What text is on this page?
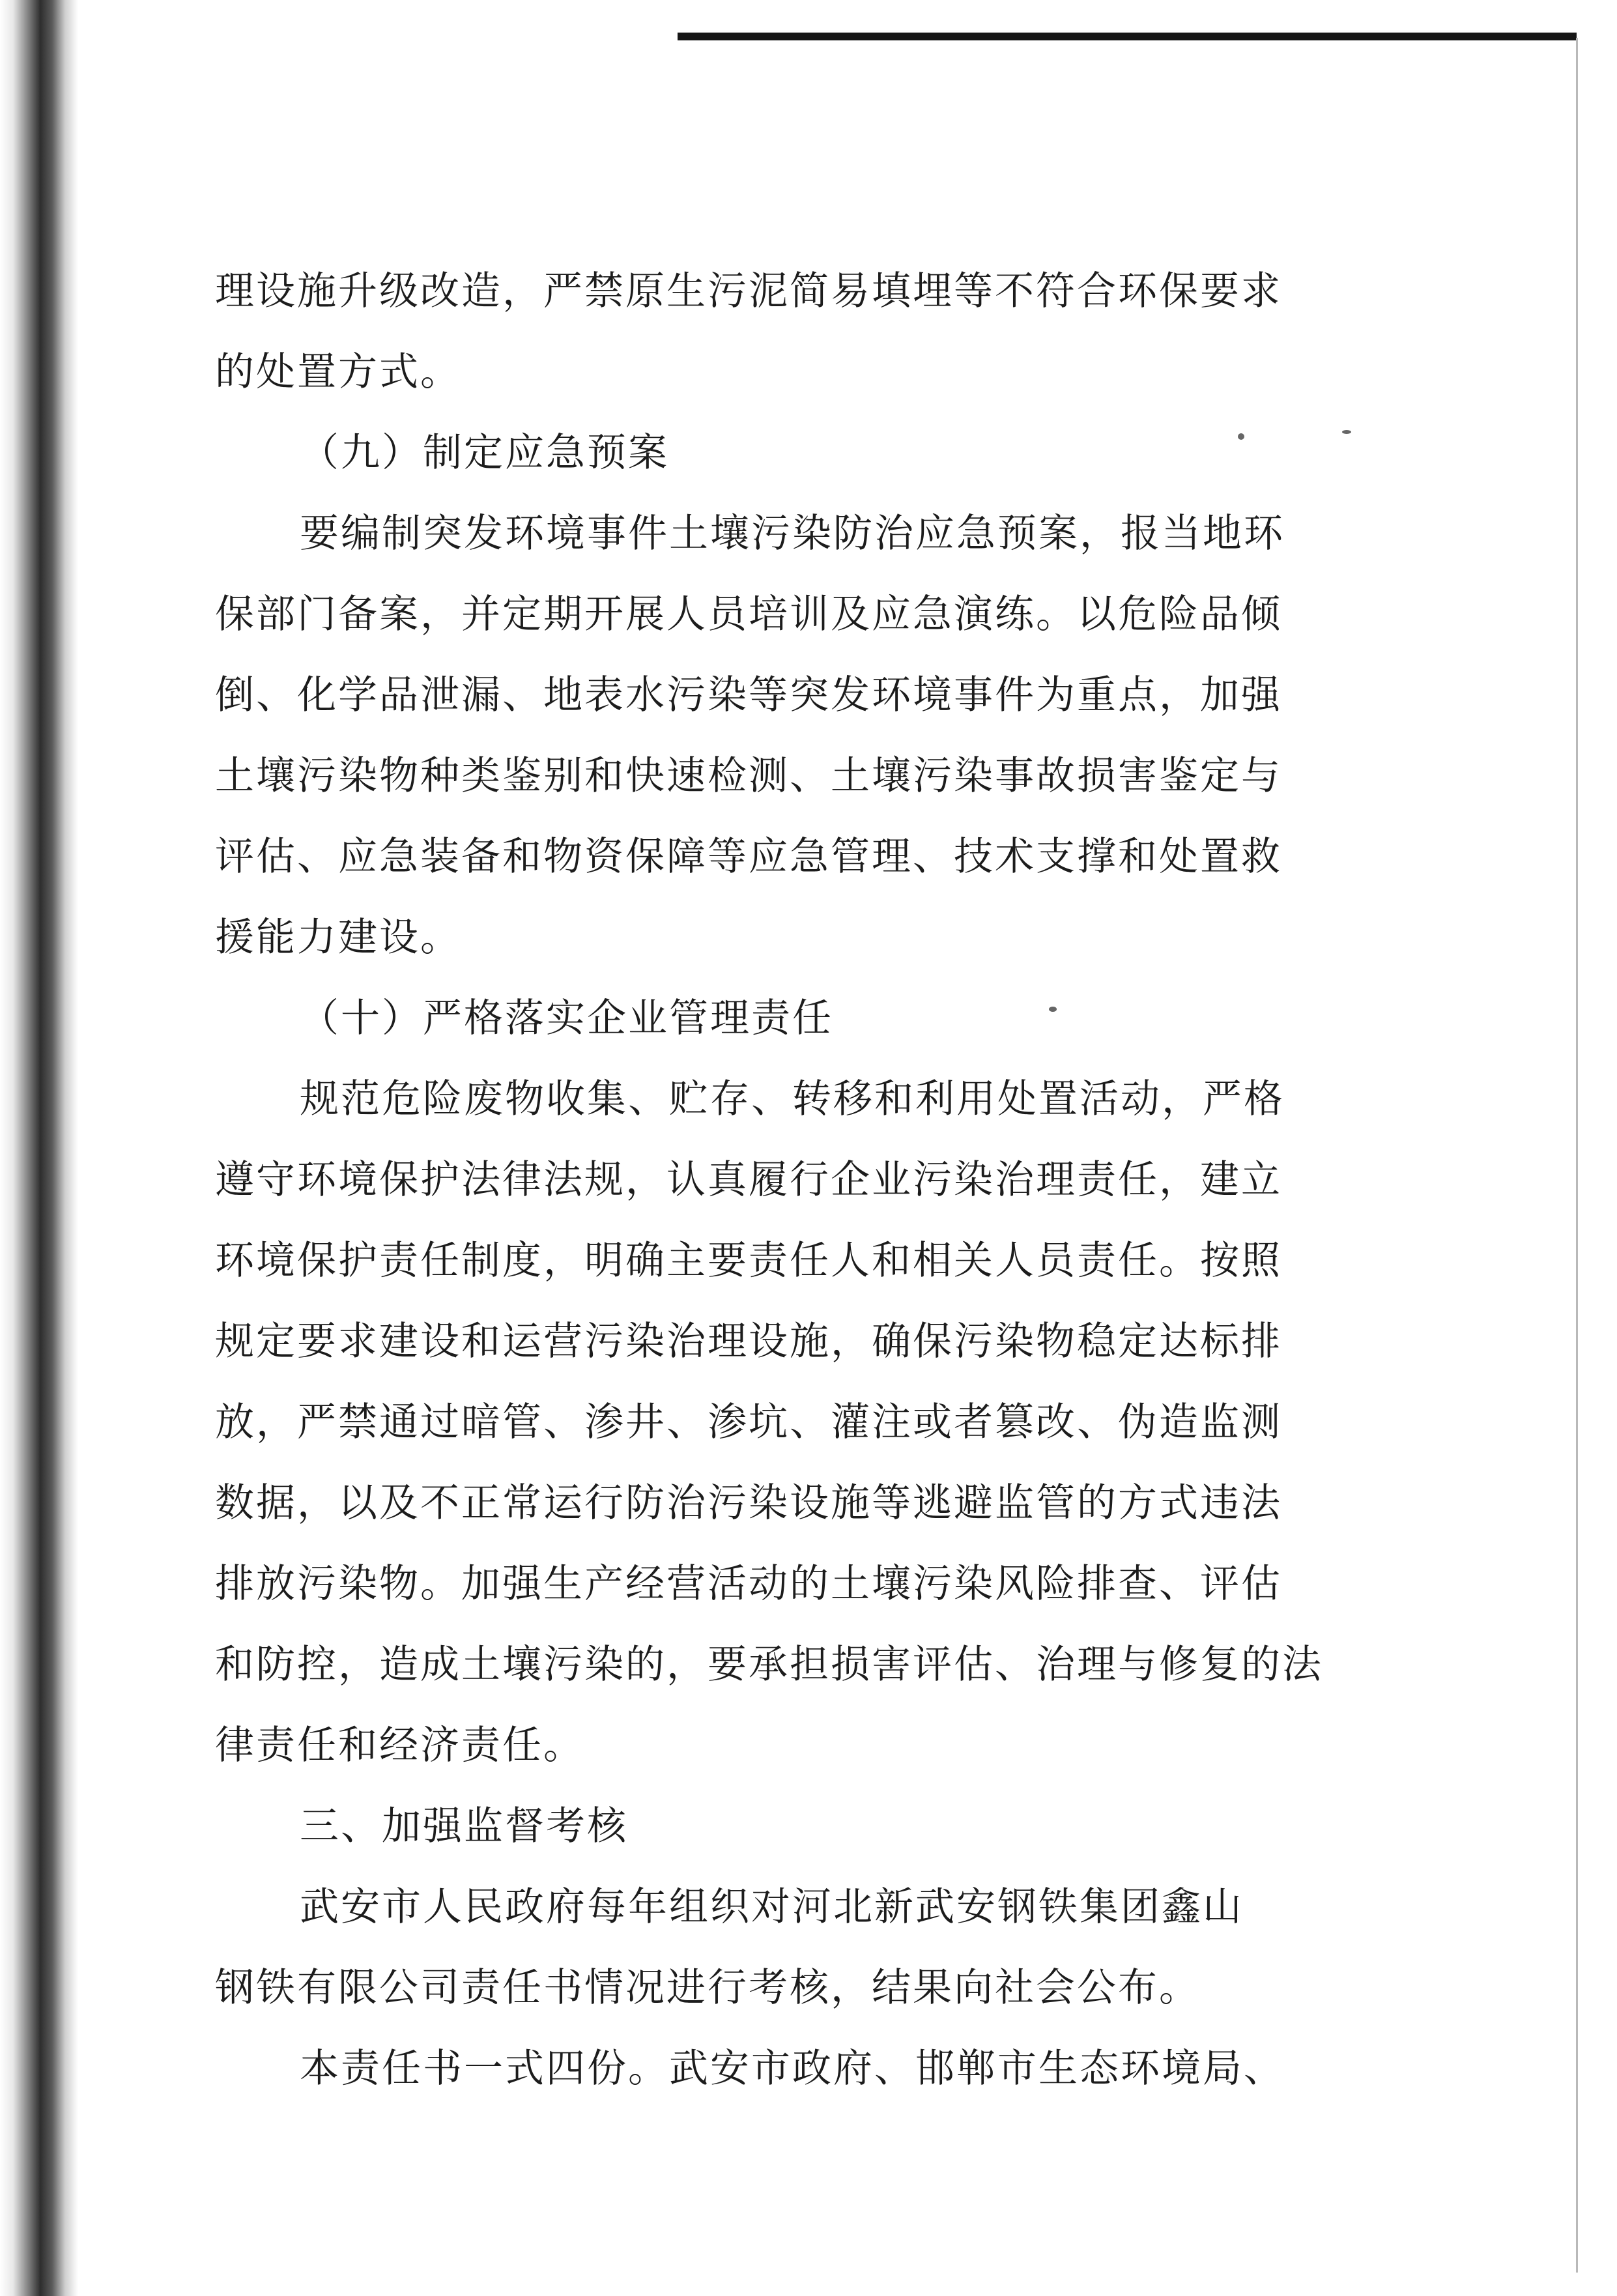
理设施升级改造，严禁原生污泥简易填埋等不符合环保要求
的处置方式。
（九）制定应急预案
要编制突发环境事件土壤污染防治应急预案，报当地环
保部门备案，并定期开展人员培训及应急演练。以危险品倾
倒、化学品泄漏、地表水污染等突发环境事件为重点，加强
土壤污染物种类鉴别和快速检测、土壤污染事故损害鉴定与
评估、应急装备和物资保障等应急管理、技术支撑和处置救
援能力建设。
（十）严格落实企业管理责任
规范危险废物收集、贮存、转移和利用处置活动，严格
遵守环境保护法律法规，认真履行企业污染治理责任，建立
环境保护责任制度，明确主要责任人和相关人员责任。按照
规定要求建设和运营污染治理设施，确保污染物稳定达标排
放，严禁通过暗管、渗井、渗坑、灌注或者篡改、伪造监测
数据，以及不正常运行防治污染设施等逃避监管的方式违法
排放污染物。加强生产经营活动的土壤污染风险排查、评估
和防控，造成土壤污染的，要承担损害评估、治理与修复的法
律责任和经济责任。
三、加强监督考核
武安市人民政府每年组织对河北新武安钢铁集团鑫山
钢铁有限公司责任书情况进行考核，结果向社会公布。
本责任书一式四份。武安市政府、邯郸市生态环境局、
